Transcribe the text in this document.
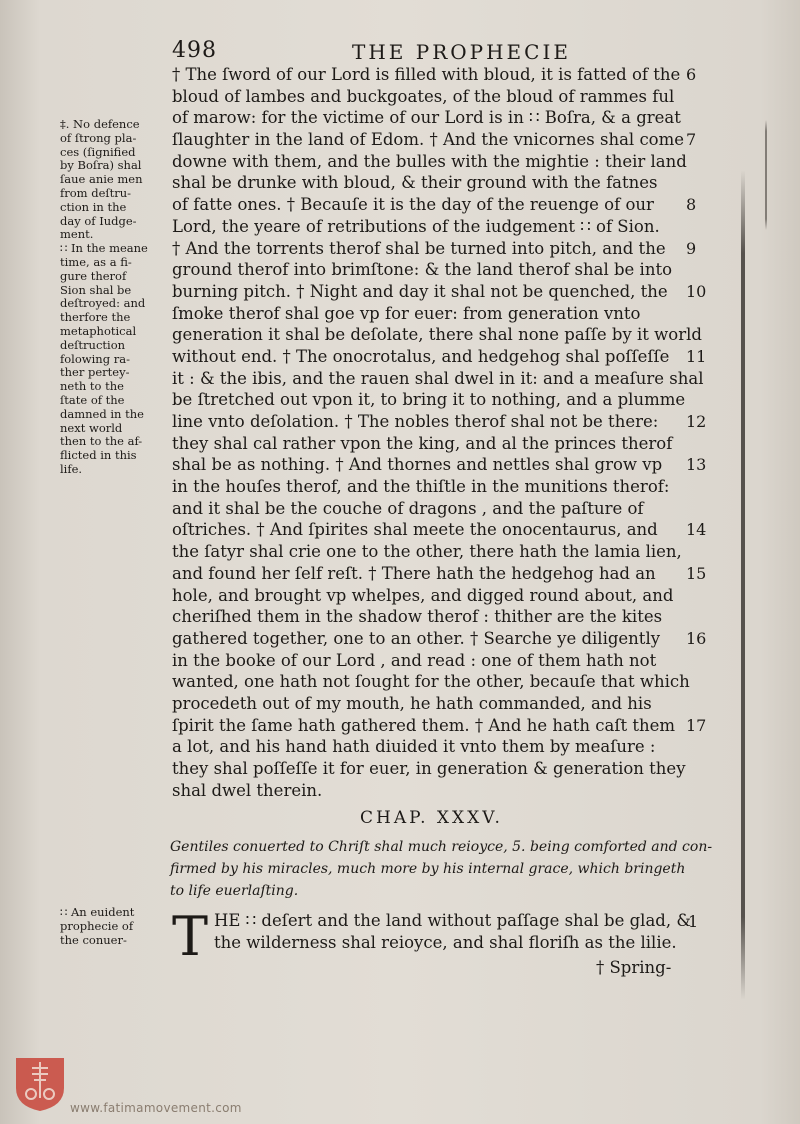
498	THE PROPHECIE
‡. No defence
of ſtrong pla-
ces (ſignified
by Boſra) shal
ſaue anie men
from deſtru-
ction in the
day of Iudge-
ment.
∷ In the meane
time, as a fi-
gure therof
Sion shal be
deſtroyed: and
therfore the
metaphotical
deſtruction
folowing ra-
ther pertey-
neth to the
ſtate of the
damned in the
next world
then to the af-
flicted in this
life.
∷ An euident
prophecie of
the conuer-
† The ſword of our Lord is filled with bloud, it is fatted of the
bloud of lambes and buckgoates, of the bloud of rammes ful
of marow: for the victime of our Lord is in ∷ Boſra, & a great
ſlaughter in the land of Edom. † And the vnicornes shal come
downe with them, and the bulles with the mightie : their land
shal be drunke with bloud, & their ground with the fatnes
of fatte ones. † Becauſe it is the day of the reuenge of our
Lord, the yeare of retributions of the iudgement ∷ of Sion.
† And the torrents therof shal be turned into pitch, and the
ground therof into brimſtone: & the land therof shal be into
burning pitch. † Night and day it shal not be quenched, the
ſmoke therof shal goe vp for euer: from generation vnto
generation it shal be deſolate, there shal none paſſe by it world
without end. † The onocrotalus, and hedgehog shal poſſeſſe
it : & the ibis, and the rauen shal dwel in it: and a meaſure shal
be ſtretched out vpon it, to bring it to nothing, and a plumme
line vnto deſolation. † The nobles therof shal not be there:
they shal cal rather vpon the king, and al the princes therof
shal be as nothing. † And thornes and nettles shal grow vp
in the houſes therof, and the thiſtle in the munitions therof:
and it shal be the couche of dragons , and the paſture of
oſtriches. † And ſpirites shal meete the onocentaurus, and
the ſatyr shal crie one to the other, there hath the lamia lien,
and found her ſelf reſt. † There hath the hedgehog had an
hole, and brought vp whelpes, and digged round about, and
cheriſhed them in the shadow therof : thither are the kites
gathered together, one to an other. † Searche ye diligently
in the booke of our Lord , and read : one of them hath not
wanted, one hath not ſought for the other, becauſe that which
procedeth out of my mouth, he hath commanded, and his
ſpirit the ſame hath gathered them. † And he hath caſt them
a lot, and his hand hath diuided it vnto them by meaſure :
they shal poſſeſſe it for euer, in generation & generation they
shal dwel therein.
6
7
8
9
10
11
12
13
14
15
16
17
CHAP. XXXV.
Gentiles conuerted to Chriſt shal much reioyce, 5. being comforted and con-
firmed by his miracles, much more by his internal grace, which bringeth
to life euerlaſting.
T HE ∷ deſert and the land without paſſage shal be glad, &
the wilderness shal reioyce, and shal floriſh as the lilie.
1
† Spring-
www.fatimamovement.com
